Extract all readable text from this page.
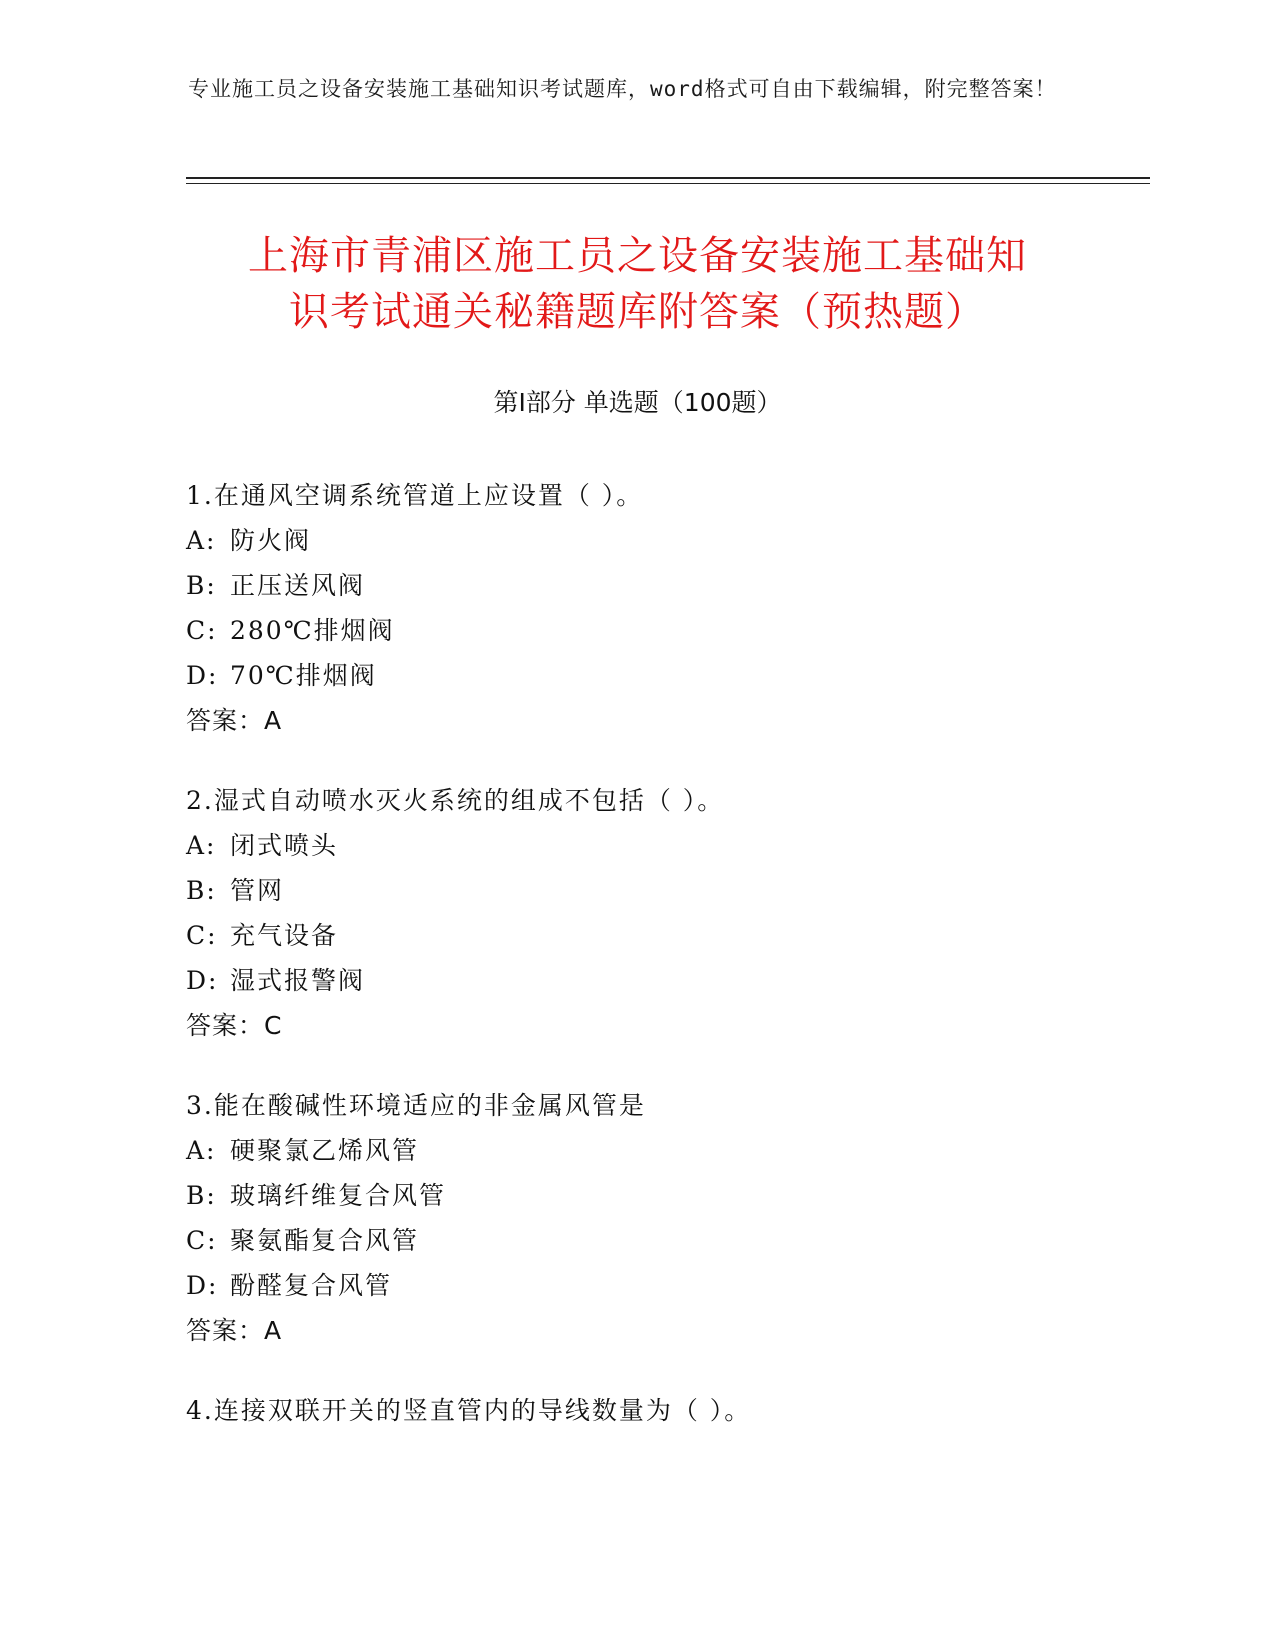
专业施工员之设备安装施工基础知识考试题库，word格式可自由下载编辑，附完整答案！
上海市青浦区施工员之设备安装施工基础知
识考试通关秘籍题库附答案（预热题）
第Ⅰ部分 单选题（100题）
1.在通风空调系统管道上应设置（ ）。
A: 防火阀
B: 正压送风阀
C: 280℃排烟阀
D: 70℃排烟阀
答案：A
2.湿式自动喷水灭火系统的组成不包括（ ）。
A: 闭式喷头
B: 管网
C: 充气设备
D: 湿式报警阀
答案：C
3.能在酸碱性环境适应的非金属风管是
A: 硬聚氯乙烯风管
B: 玻璃纤维复合风管
C: 聚氨酯复合风管
D: 酚醛复合风管
答案：A
4.连接双联开关的竖直管内的导线数量为（ ）。
